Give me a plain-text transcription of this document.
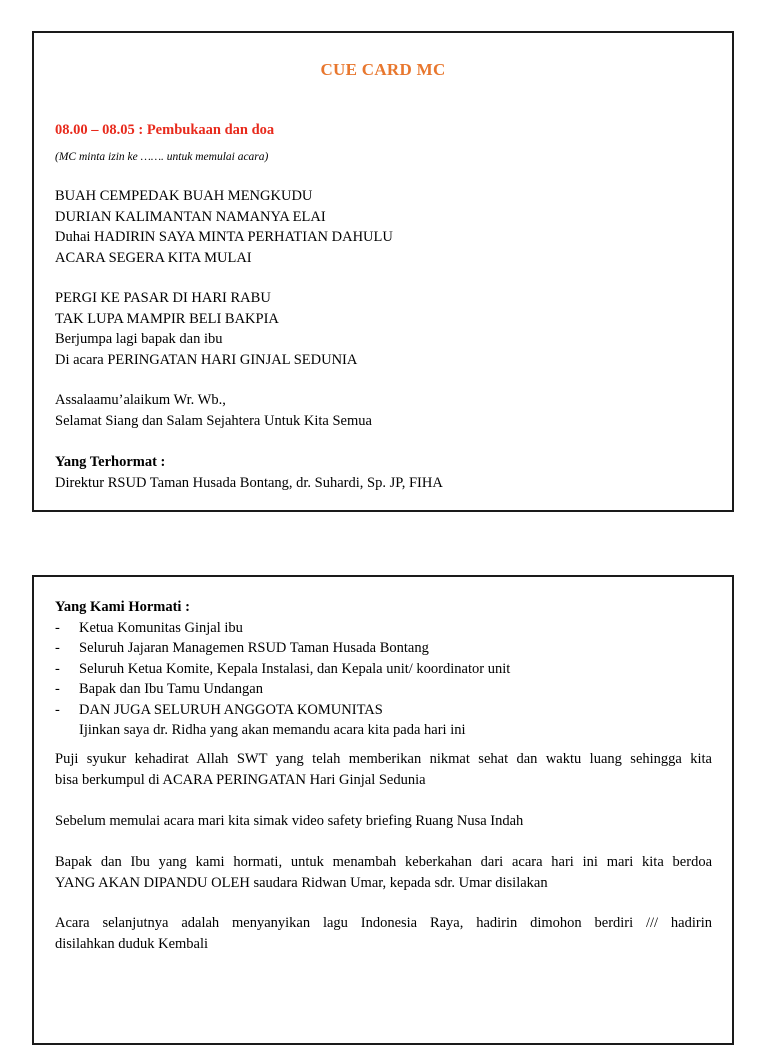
CUE CARD MC
08.00 – 08.05 : Pembukaan dan doa
(MC minta izin ke ……. untuk memulai acara)
BUAH CEMPEDAK BUAH MENGKUDU
DURIAN KALIMANTAN NAMANYA ELAI
Duhai HADIRIN SAYA MINTA PERHATIAN DAHULU
ACARA SEGERA KITA MULAI
PERGI KE PASAR DI HARI RABU
TAK LUPA MAMPIR BELI BAKPIA
Berjumpa lagi bapak dan ibu
Di acara PERINGATAN HARI GINJAL SEDUNIA
Assalaamu’alaikum Wr. Wb.,
Selamat Siang dan Salam Sejahtera Untuk Kita Semua
Yang Terhormat :
Direktur RSUD Taman Husada Bontang, dr. Suhardi, Sp. JP, FIHA
Yang Kami Hormati :
- Ketua Komunitas Ginjal ibu
- Seluruh Jajaran Managemen RSUD Taman Husada Bontang
- Seluruh Ketua Komite, Kepala Instalasi, dan Kepala unit/ koordinator unit
- Bapak dan Ibu Tamu Undangan
- DAN JUGA SELURUH ANGGOTA KOMUNITAS
Ijinkan saya dr. Ridha yang akan memandu acara kita pada hari ini
Puji syukur kehadirat Allah SWT yang telah memberikan nikmat sehat dan waktu luang sehingga kita
bisa berkumpul di ACARA PERINGATAN Hari Ginjal Sedunia
Sebelum memulai acara mari kita simak video safety briefing Ruang Nusa Indah
Bapak dan Ibu yang kami hormati, untuk menambah keberkahan dari acara hari ini mari kita berdoa
YANG AKAN DIPANDU OLEH saudara Ridwan Umar, kepada sdr. Umar disilakan
Acara selanjutnya adalah menyanyikan lagu Indonesia Raya, hadirin dimohon berdiri /// hadirin
disilahkan duduk Kembali
